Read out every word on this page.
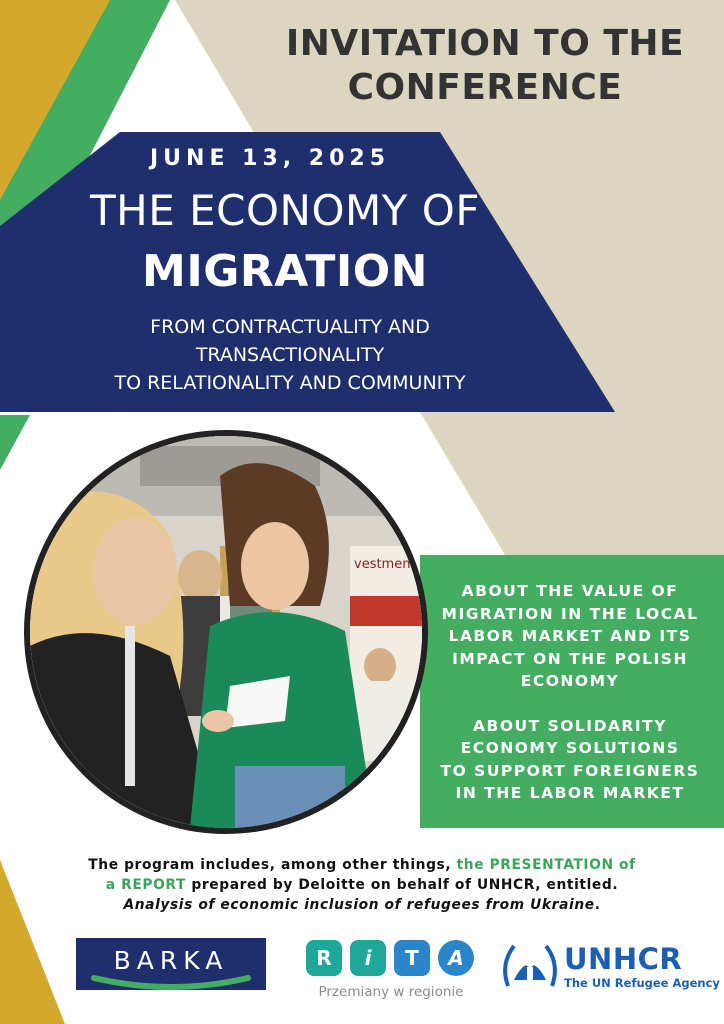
INVITATION TO THE
CONFERENCE
JUNE 13, 2025
THE ECONOMY OF
MIGRATION
FROM CONTRACTUALITY AND
TRANSACTIONALITY
TO RELATIONALITY AND COMMUNITY
vestment
ABOUT THE VALUE OF
MIGRATION IN THE LOCAL
LABOR MARKET AND ITS
IMPACT ON THE POLISH
ECONOMY
ABOUT SOLIDARITY
ECONOMY SOLUTIONS
TO SUPPORT FOREIGNERS
IN THE LABOR MARKET
The program includes, among other things, the PRESENTATION of
a REPORT prepared by Deloitte on behalf of UNHCR, entitled.
Analysis of economic inclusion of refugees from Ukraine.
BARKA	R	i	T	A
Przemiany w regionie
UNHCR
The UN Refugee Agency
